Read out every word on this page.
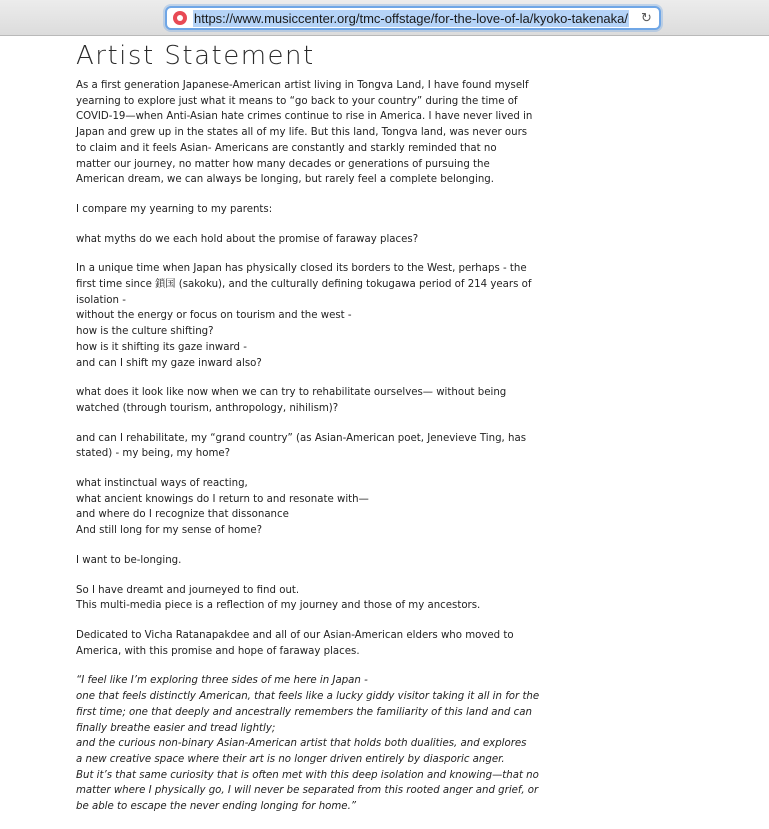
https://www.musiccenter.org/tmc-offstage/for-the-love-of-la/kyoko-takenaka/ ↻
Artist Statement
As a first generation Japanese-American artist living in Tongva Land, I have found myself
yearning to explore just what it means to “go back to your country” during the time of
COVID-19—when Anti-Asian hate crimes continue to rise in America. I have never lived in
Japan and grew up in the states all of my life. But this land, Tongva land, was never ours
to claim and it feels Asian- Americans are constantly and starkly reminded that no
matter our journey, no matter how many decades or generations of pursuing the
American dream, we can always be longing, but rarely feel a complete belonging.
I compare my yearning to my parents:
what myths do we each hold about the promise of faraway places?
In a unique time when Japan has physically closed its borders to the West, perhaps - the
first time since 鎖国 (sakoku), and the culturally defining tokugawa period of 214 years of
isolation -
without the energy or focus on tourism and the west -
how is the culture shifting?
how is it shifting its gaze inward -
and can I shift my gaze inward also?
what does it look like now when we can try to rehabilitate ourselves— without being
watched (through tourism, anthropology, nihilism)?
and can I rehabilitate, my “grand country” (as Asian-American poet, Jenevieve Ting, has
stated) - my being, my home?
what instinctual ways of reacting,
what ancient knowings do I return to and resonate with—
and where do I recognize that dissonance
And still long for my sense of home?
I want to be-longing.
So I have dreamt and journeyed to find out.
This multi-media piece is a reflection of my journey and those of my ancestors.
Dedicated to Vicha Ratanapakdee and all of our Asian-American elders who moved to
America, with this promise and hope of faraway places.
“I feel like I’m exploring three sides of me here in Japan -
one that feels distinctly American, that feels like a lucky giddy visitor taking it all in for the
first time; one that deeply and ancestrally remembers the familiarity of this land and can
finally breathe easier and tread lightly;
and the curious non-binary Asian-American artist that holds both dualities, and explores
a new creative space where their art is no longer driven entirely by diasporic anger.
But it’s that same curiosity that is often met with this deep isolation and knowing—that no
matter where I physically go, I will never be separated from this rooted anger and grief, or
be able to escape the never ending longing for home.”
